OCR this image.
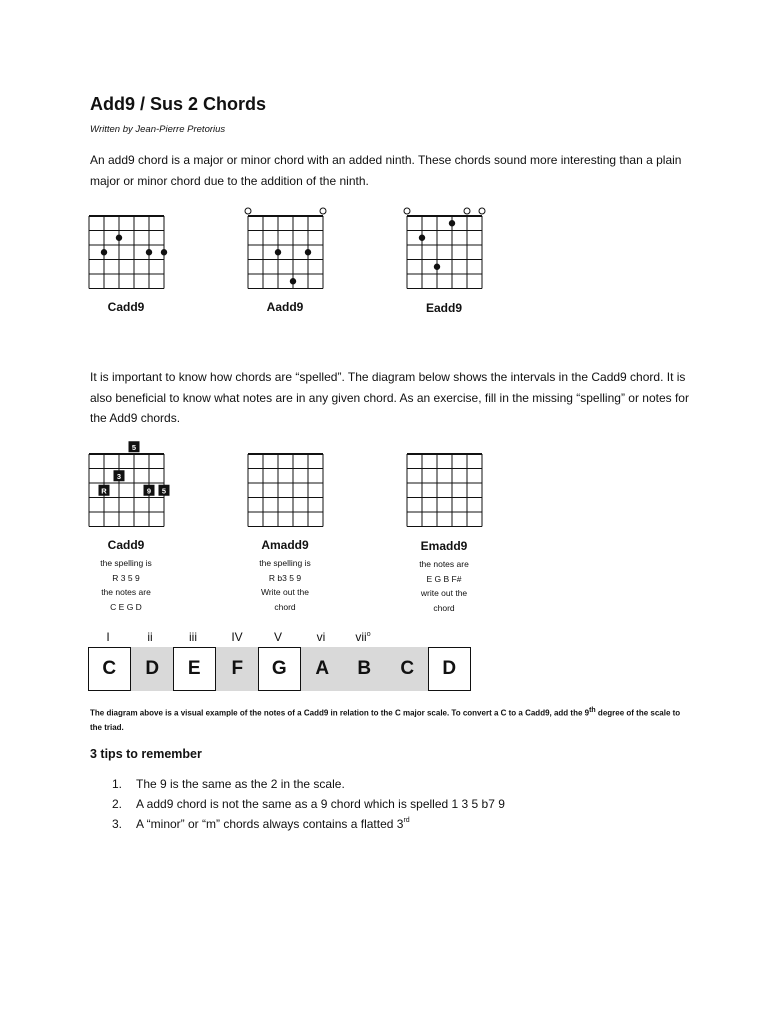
Add9 / Sus 2 Chords
Written by Jean-Pierre Pretorius
An add9 chord is a major or minor chord with an added ninth. These chords sound more interesting than a plain major or minor chord due to the addition of the ninth.
Cadd9	Aadd9	Eadd9
It is important to know how chords are “spelled”. The diagram below shows the intervals in the Cadd9 chord. It is also beneficial to know what notes are in any given chord. As an exercise, fill in the missing “spelling” or notes for the Add9 chords.
5
3
R	9 5
Cadd9	Amadd9	Emadd9
the spelling is
R 3 5 9
the notes are
C E G D
the spelling is
R b3 5 9
Write out the
chord
the notes are
E G B F#
write out the
chord
I	ii	iii	IV	V	vi	vii$^o$
C	D	E	F	G	A	B	C	D
The diagram above is a visual example of the notes of a Cadd9 in relation to the C major scale. To convert a C to a Cadd9, add the 9th degree of the scale to the triad.
3 tips to remember
1.	The 9 is the same as the 2 in the scale.
2.	A add9 chord is not the same as a 9 chord which is spelled 1 3 5 b7 9
3.	A “minor” or “m” chords always contains a flatted 3 rd
